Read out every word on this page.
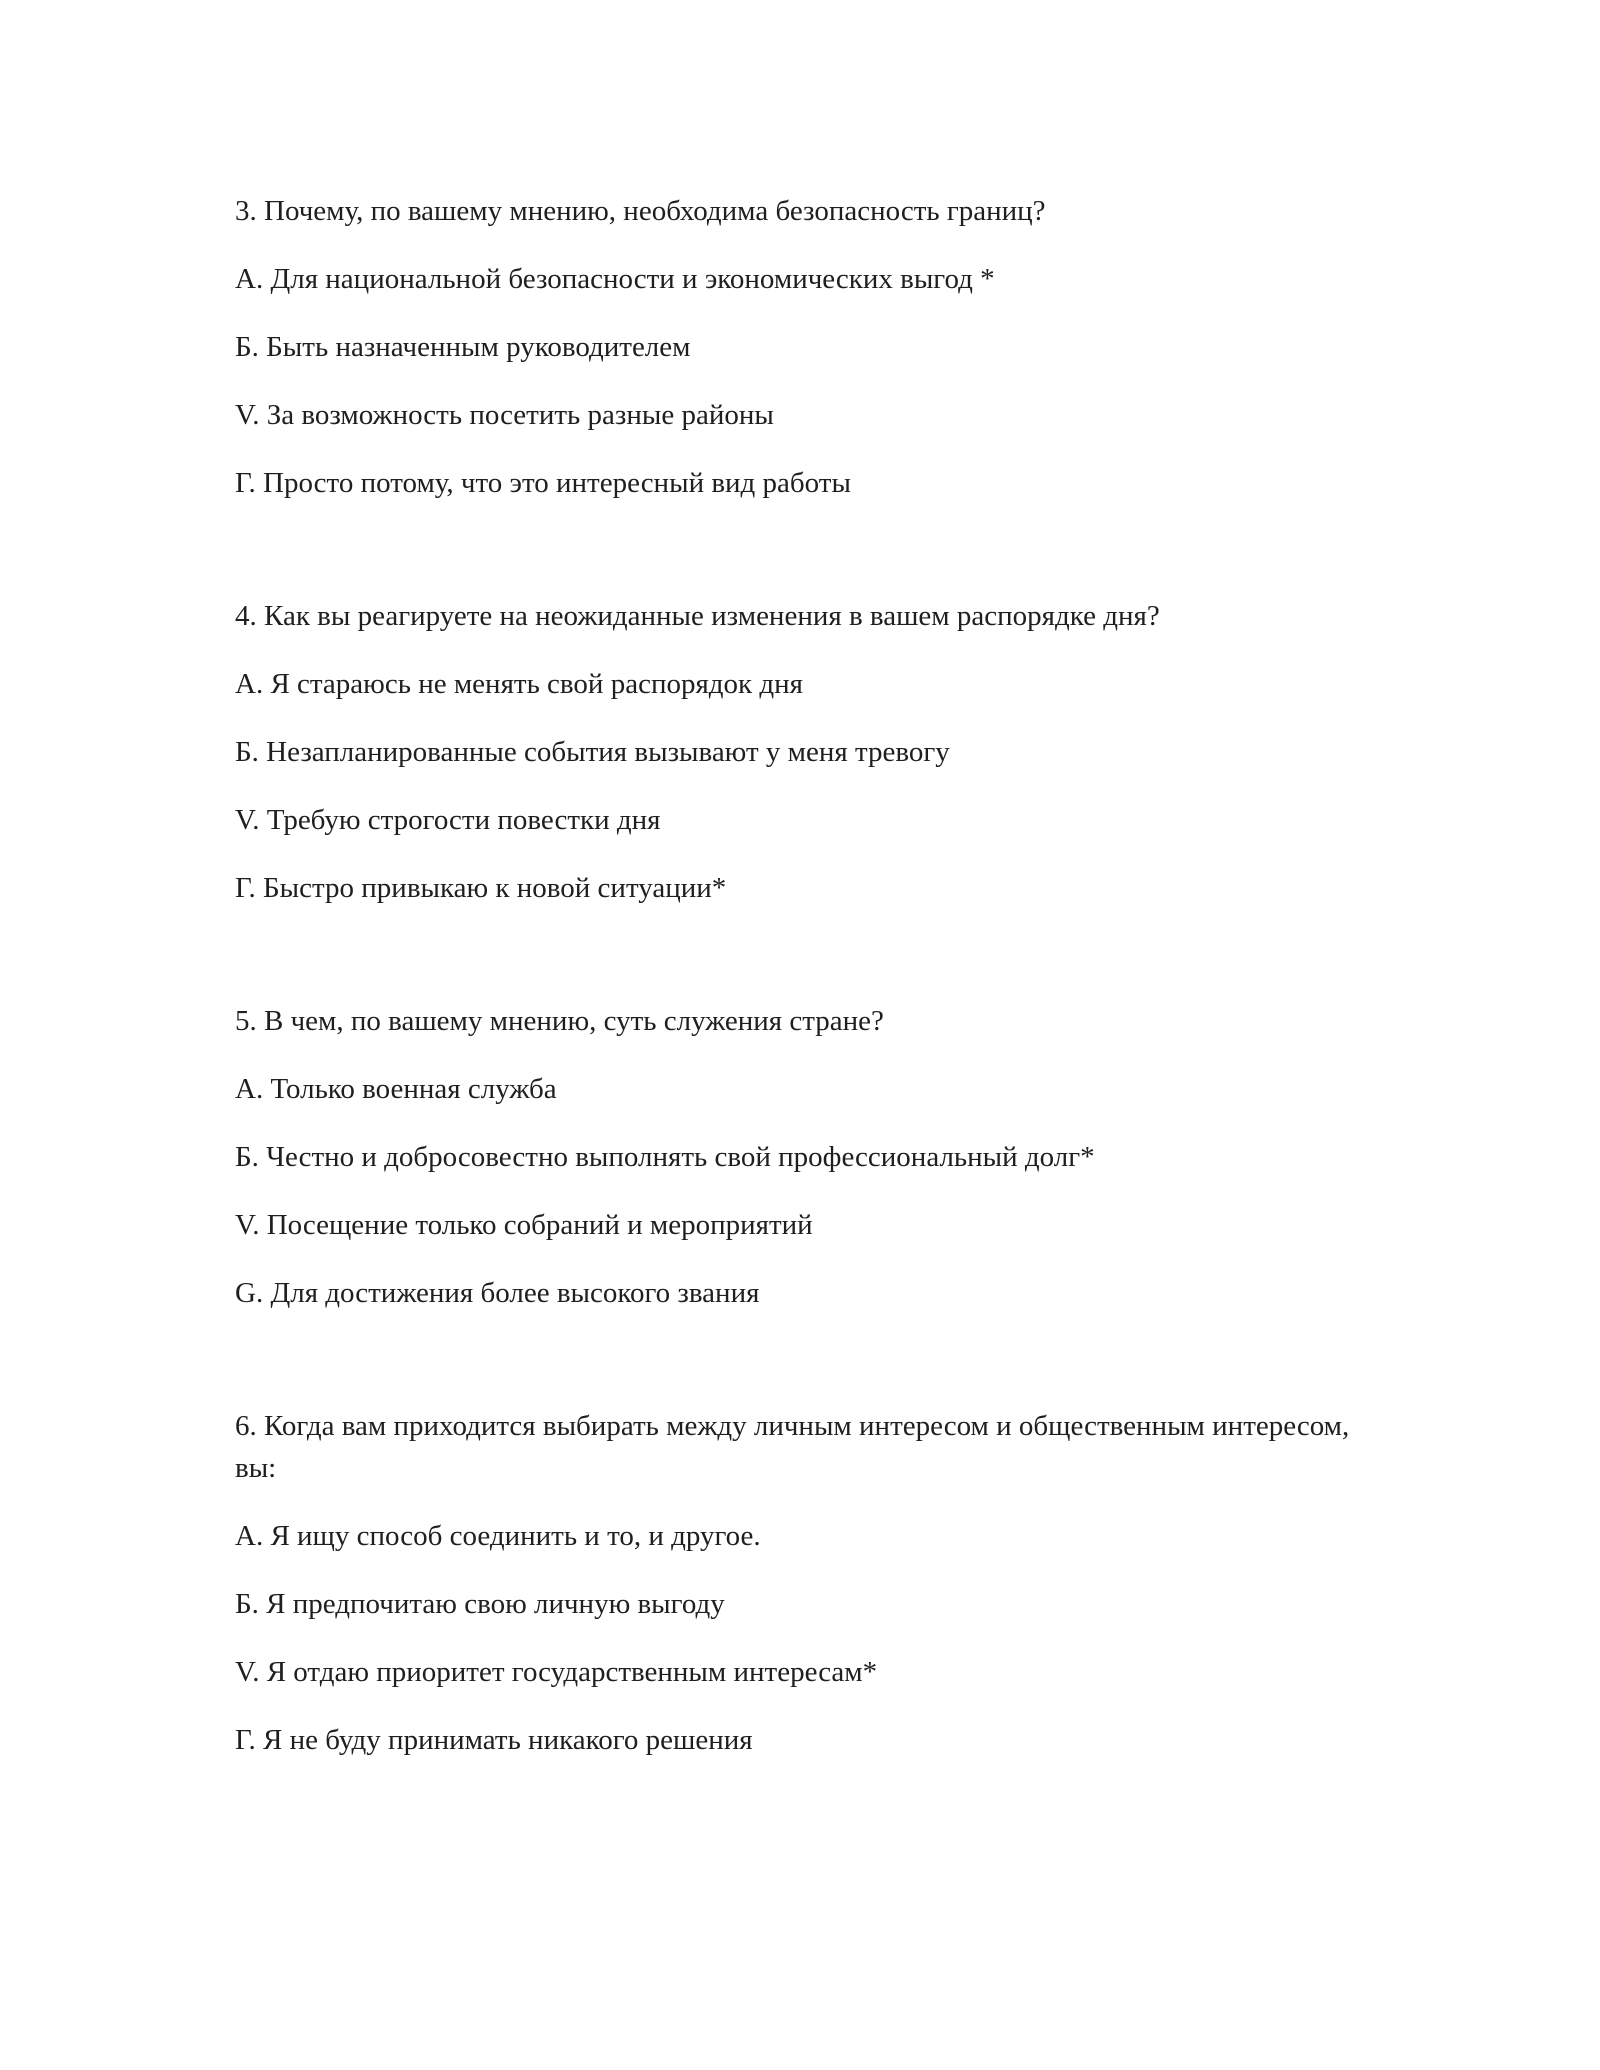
3. Почему, по вашему мнению, необходима безопасность границ?
А. Для национальной безопасности и экономических выгод *
Б. Быть назначенным руководителем
V. За возможность посетить разные районы
Г. Просто потому, что это интересный вид работы
4. Как вы реагируете на неожиданные изменения в вашем распорядке дня?
А. Я стараюсь не менять свой распорядок дня
Б. Незапланированные события вызывают у меня тревогу
V. Требую строгости повестки дня
Г. Быстро привыкаю к новой ситуации*
5. В чем, по вашему мнению, суть служения стране?
А. Только военная служба
Б. Честно и добросовестно выполнять свой профессиональный долг*
V. Посещение только собраний и мероприятий
G. Для достижения более высокого звания
6. Когда вам приходится выбирать между личным интересом и общественным интересом, вы:
А. Я ищу способ соединить и то, и другое.
Б. Я предпочитаю свою личную выгоду
V. Я отдаю приоритет государственным интересам*
Г. Я не буду принимать никакого решения
